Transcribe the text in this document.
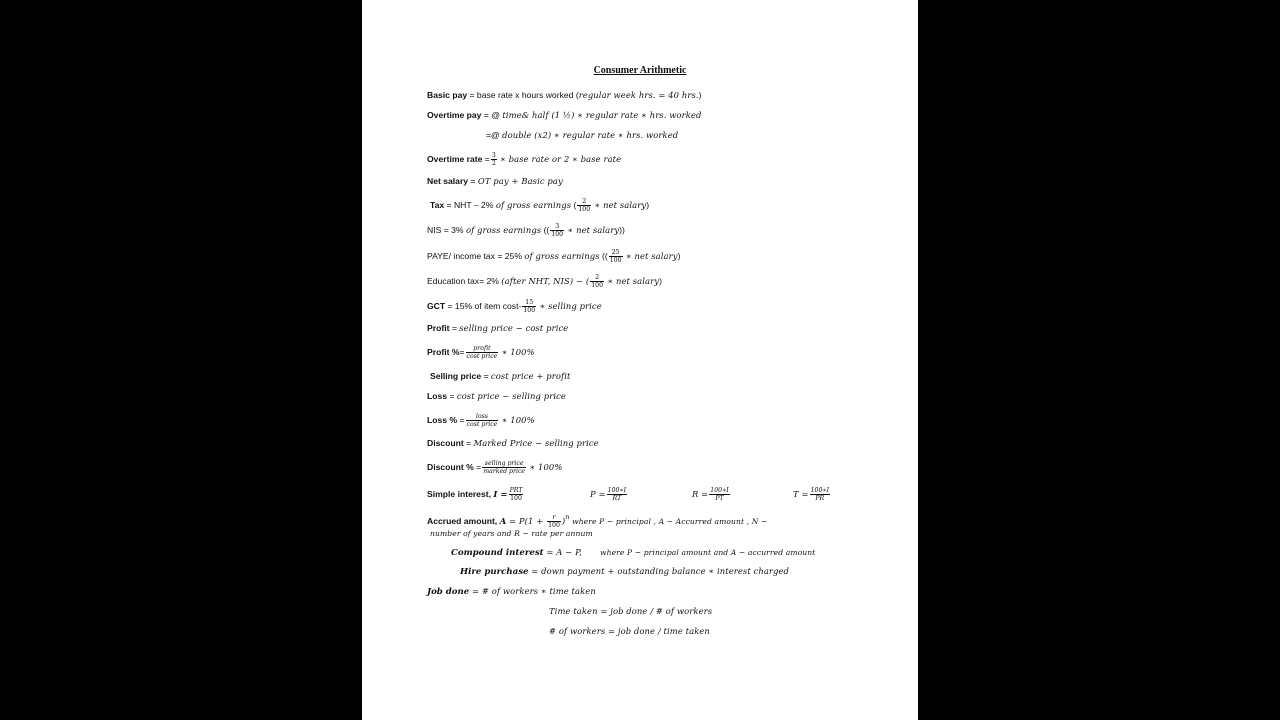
Consumer Arithmetic
Basic pay = base rate x hours worked (regular week hrs. = 40 hrs.)
Overtime pay = @ time& half (1 ½) ∗ regular rate ∗ hrs. worked
=@ double (x2) ∗ regular rate ∗ hrs. worked
Overtime rate = $\frac{3}{2}$ ∗ base rate or 2 ∗ base rate
Net salary = OT pay + Basic pay
Tax = NHT – 2% of gross earnings ( $\frac{2}{100}$ ∗ net salary)
NIS = 3% of gross earnings (( $\frac{3}{100}$ ∗ net salary))
PAYE/ income tax = 25% of gross earnings (( $\frac{25}{100}$ ∗ net salary)
Education tax= 2% (after NHT, NIS) − ( $\frac{2}{100}$ ∗ net salary)
GCT = 15% of item $\cos t- \frac{15}{100}$ ∗ selling price
Profit = selling price − cost price
Profit %= $\frac{\text{profit}}{\text{cost price}}$ ∗ 100%
Selling price = cost price + profit
Loss = cost price − selling price
Loss % = $\frac{\text{loss}}{\text{cost price}}$ ∗ 100%
Discount = Marked Price − selling price
Discount % = $\frac{\text{selling price}}{\text{marked price}}$ ∗ 100%
Simple interest, $I = \frac{\text{PRT}}{100}$	$P = \frac{100∗I}{RT}$	$R = \frac{100∗I}{PT}$	$T = \frac{100∗I}{PR}$
Accrued amount, $A = P(1 + \frac{r}{100} )^n$ where P − principal , A − Accurred amount , N −
number of years and R − rate per annum
Compound interest = A − P, where P − principal amount and A − accurred amount
Hire purchase = down payment + outstanding balance ∗ interest charged
Job done = # of workers ∗ time taken
Time taken = job done / # of workers
# of workers = job done / time taken
